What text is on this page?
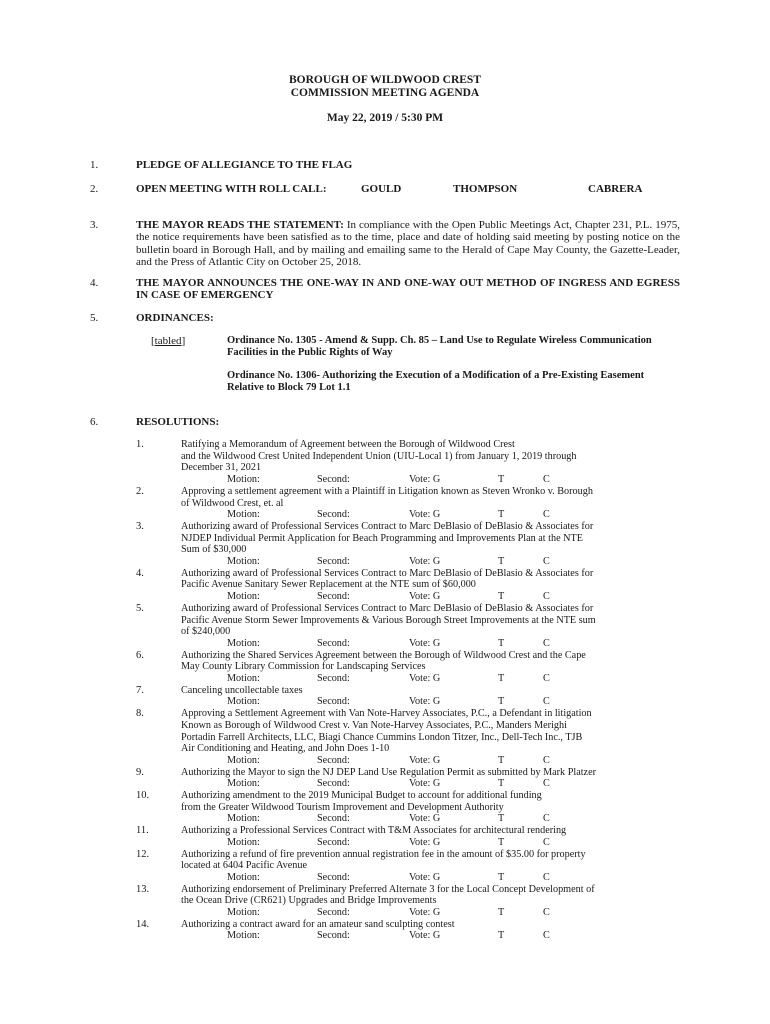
BOROUGH OF WILDWOOD CREST
COMMISSION MEETING AGENDA
May 22, 2019 / 5:30 PM
1.	PLEDGE OF ALLEGIANCE TO THE FLAG
2.	OPEN MEETING WITH ROLL CALL:	GOULD	THOMPSON	CABRERA
3.	THE MAYOR READS THE STATEMENT: In compliance with the Open Public Meetings Act, Chapter 231, P.L. 1975, the notice requirements have been satisfied as to the time, place and date of holding said meeting by posting notice on the bulletin board in Borough Hall, and by mailing and emailing same to the Herald of Cape May County, the Gazette-Leader, and the Press of Atlantic City on October 25, 2018.
4.	THE MAYOR ANNOUNCES THE ONE-WAY IN AND ONE-WAY OUT METHOD OF INGRESS AND EGRESS IN CASE OF EMERGENCY
5.	ORDINANCES:
[tabled]	Ordinance No. 1305 - Amend & Supp. Ch. 85 – Land Use to Regulate Wireless Communication Facilities in the Public Rights of Way
Ordinance No. 1306- Authorizing the Execution of a Modification of a Pre-Existing Easement Relative to Block 79 Lot 1.1
6.	RESOLUTIONS:
1.	Ratifying a Memorandum of Agreement between the Borough of Wildwood Crest
and the Wildwood Crest United Independent Union (UIU-Local 1) from January 1, 2019 through
December 31, 2021
Motion:	Second:	Vote: G	T	C
2.	Approving a settlement agreement with a Plaintiff in Litigation known as Steven Wronko v. Borough
of Wildwood Crest, et. al
Motion:	Second:	Vote: G	T	C
3.	Authorizing award of Professional Services Contract to Marc DeBlasio of DeBlasio & Associates for
NJDEP Individual Permit Application for Beach Programming and Improvements Plan at the NTE
Sum of $30,000
Motion:	Second:	Vote: G	T	C
4.	Authorizing award of Professional Services Contract to Marc DeBlasio of DeBlasio & Associates for
Pacific Avenue Sanitary Sewer Replacement at the NTE sum of $60,000
Motion:	Second:	Vote: G	T	C
5.	Authorizing award of Professional Services Contract to Marc DeBlasio of DeBlasio & Associates for
Pacific Avenue Storm Sewer Improvements & Various Borough Street Improvements at the NTE sum
of $240,000
Motion:	Second:	Vote: G	T	C
6.	Authorizing the Shared Services Agreement between the Borough of Wildwood Crest and the Cape
May County Library Commission for Landscaping Services
Motion:	Second:	Vote: G	T	C
7.	Canceling uncollectable taxes
Motion:	Second:	Vote: G	T	C
8.	Approving a Settlement Agreement with Van Note-Harvey Associates, P.C., a Defendant in litigation
Known as Borough of Wildwood Crest v. Van Note-Harvey Associates, P.C., Manders Merighi
Portadin Farrell Architects, LLC, Biagi Chance Cummins London Titzer, Inc., Dell-Tech Inc., TJB
Air Conditioning and Heating, and John Does 1-10
Motion:	Second:	Vote: G	T	C
9.	Authorizing the Mayor to sign the NJ DEP Land Use Regulation Permit as submitted by Mark Platzer
Motion:	Second:	Vote: G	T	C
10.	Authorizing amendment to the 2019 Municipal Budget to account for additional funding
from the Greater Wildwood Tourism Improvement and Development Authority
Motion:	Second:	Vote: G	T	C
11.	Authorizing a Professional Services Contract with T&M Associates for architectural rendering
Motion:	Second:	Vote: G	T	C
12.	Authorizing a refund of fire prevention annual registration fee in the amount of $35.00 for property
located at 6404 Pacific Avenue
Motion:	Second:	Vote: G	T	C
13.	Authorizing endorsement of Preliminary Preferred Alternate 3 for the Local Concept Development of
the Ocean Drive (CR621) Upgrades and Bridge Improvements
Motion:	Second:	Vote: G	T	C
14.	Authorizing a contract award for an amateur sand sculpting contest
Motion:	Second:	Vote: G	T	C
